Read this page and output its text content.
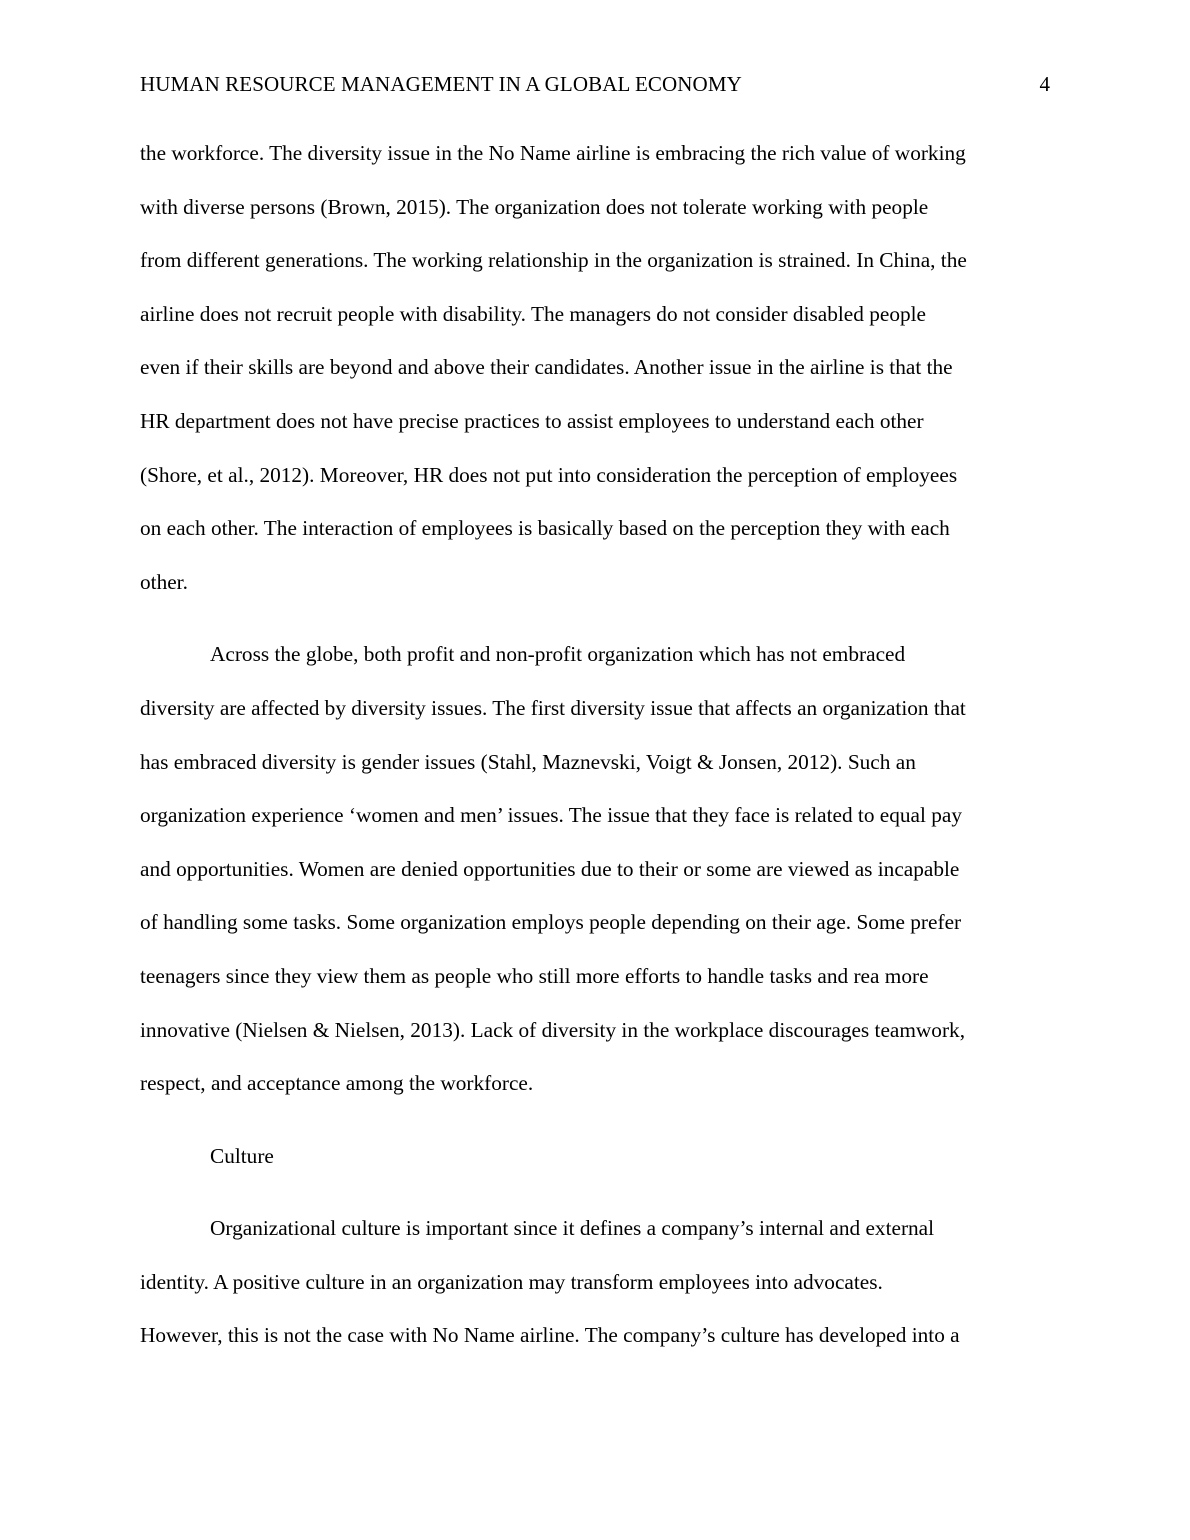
HUMAN RESOURCE MANAGEMENT IN A GLOBAL ECONOMY	4
the workforce. The diversity issue in the No Name airline is embracing the rich value of working
with diverse persons (Brown, 2015). The organization does not tolerate working with people
from different generations. The working relationship in the organization is strained. In China, the
airline does not recruit people with disability. The managers do not consider disabled people
even if their skills are beyond and above their candidates. Another issue in the airline is that the
HR department does not have precise practices to assist employees to understand each other
(Shore, et al., 2012). Moreover, HR does not put into consideration the perception of employees
on each other. The interaction of employees is basically based on the perception they with each
other.
Across the globe, both profit and non-profit organization which has not embraced
diversity are affected by diversity issues. The first diversity issue that affects an organization that
has embraced diversity is gender issues (Stahl, Maznevski, Voigt & Jonsen, 2012). Such an
organization experience ‘women and men’ issues. The issue that they face is related to equal pay
and opportunities. Women are denied opportunities due to their or some are viewed as incapable
of handling some tasks. Some organization employs people depending on their age. Some prefer
teenagers since they view them as people who still more efforts to handle tasks and rea more
innovative (Nielsen & Nielsen, 2013). Lack of diversity in the workplace discourages teamwork,
respect, and acceptance among the workforce.
Culture
Organizational culture is important since it defines a company’s internal and external
identity. A positive culture in an organization may transform employees into advocates.
However, this is not the case with No Name airline. The company’s culture has developed into a
